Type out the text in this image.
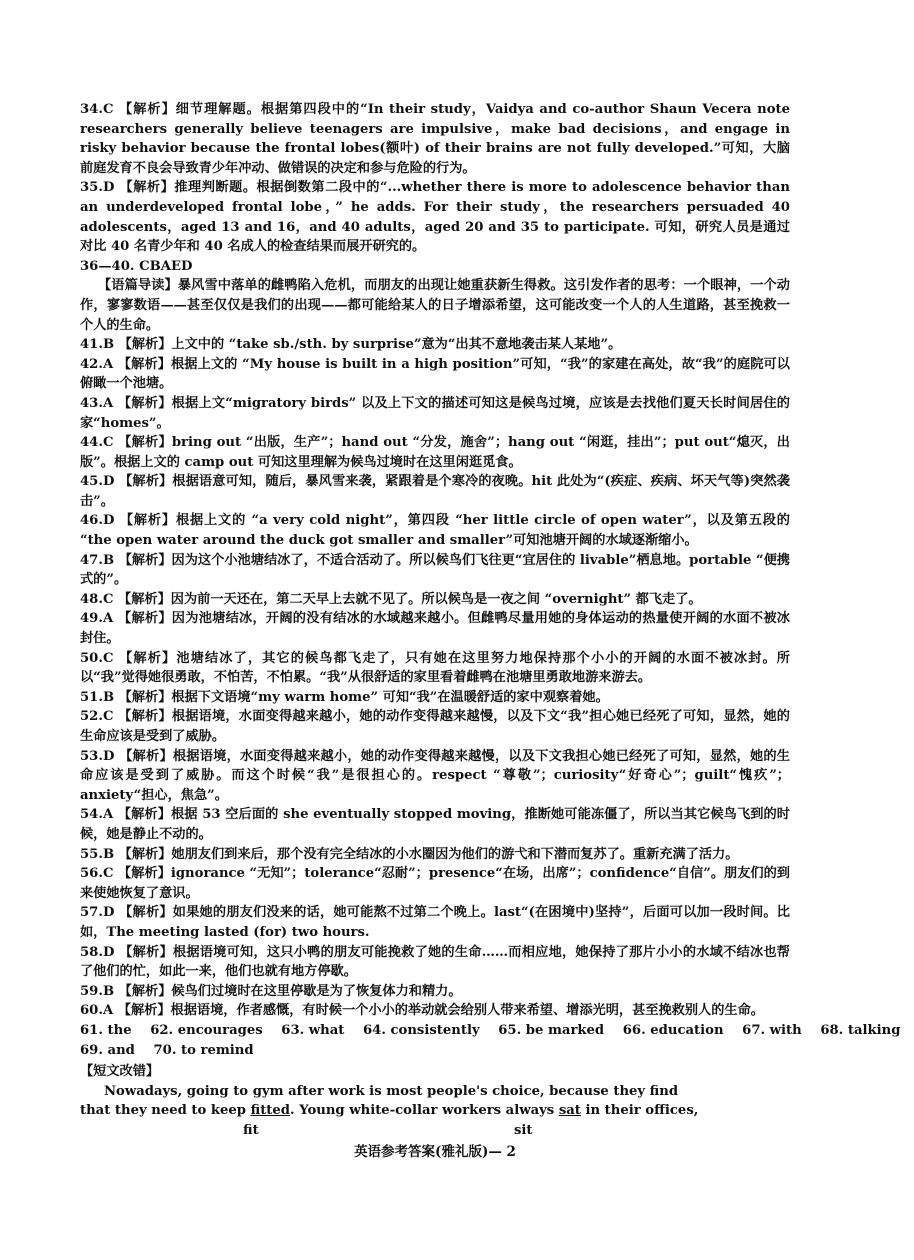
34.C 【解析】细节理解题。根据第四段中的“In their study，Vaidya and co-author Shaun Vecera note researchers generally believe teenagers are impulsive，make bad decisions，and engage in risky behavior because the frontal lobes(额叶) of their brains are not fully developed.”可知，大脑前庭发育不良会导致青少年冲动、做错误的决定和参与危险的行为。

35.D 【解析】推理判断题。根据倒数第二段中的“...whether there is more to adolescence behavior than an underdeveloped frontal lobe，” he adds. For their study，the researchers persuaded 40 adolescents，aged 13 and 16，and 40 adults，aged 20 and 35 to participate. 可知，研究人员是通过对比 40 名青少年和 40 名成人的检查结果而展开研究的。

36—40. CBAED

【语篇导读】暴风雪中落单的雌鸭陷入危机，而朋友的出现让她重获新生得救。这引发作者的思考：一个眼神，一个动作，寥寥数语——甚至仅仅是我们的出现——都可能给某人的日子增添希望，这可能改变一个人的人生道路，甚至挽救一个人的生命。

41.B 【解析】上文中的 “take sb./sth. by surprise”意为“出其不意地袭击某人某地”。

42.A 【解析】根据上文的 “My house is built in a high position”可知，“我”的家建在高处，故“我”的庭院可以俯瞰一个池塘。

43.A 【解析】根据上文“migratory birds” 以及上下文的描述可知这是候鸟过境，应该是去找他们夏天长时间居住的家“homes”。

44.C 【解析】bring out “出版，生产”；hand out “分发，施舍”；hang out “闲逛，挂出”；put out“熄灭，出版”。根据上文的 camp out 可知这里理解为候鸟过境时在这里闲逛觅食。

45.D 【解析】根据语意可知，随后，暴风雪来袭，紧跟着是个寒冷的夜晚。hit 此处为“(疾症、疾病、坏天气等)突然袭击”。

46.D 【解析】根据上文的 “a very cold night”，第四段 “her little circle of open water”，以及第五段的 “the open water around the duck got smaller and smaller”可知池塘开阔的水域逐渐缩小。

47.B 【解析】因为这个小池塘结冰了，不适合活动了。所以候鸟们飞往更“宜居住的 livable”栖息地。portable “便携式的”。

48.C 【解析】因为前一天还在，第二天早上去就不见了。所以候鸟是一夜之间 “overnight” 都飞走了。

49.A 【解析】因为池塘结冰，开阔的没有结冰的水域越来越小。但雌鸭尽量用她的身体运动的热量使开阔的水面不被冰封住。

50.C 【解析】池塘结冰了，其它的候鸟都飞走了，只有她在这里努力地保持那个小小的开阔的水面不被冰封。所以“我”觉得她很勇敢，不怕苦，不怕累。“我”从很舒适的家里看着雌鸭在池塘里勇敢地游来游去。

51.B 【解析】根据下文语境“my warm home” 可知“我”在温暖舒适的家中观察着她。

52.C 【解析】根据语境，水面变得越来越小，她的动作变得越来越慢，以及下文“我”担心她已经死了可知，显然，她的生命应该是受到了威胁。

53.D 【解析】根据语境，水面变得越来越小，她的动作变得越来越慢，以及下文我担心她已经死了可知，显然，她的生命应该是受到了威胁。而这个时候“我”是很担心的。respect “尊敬”；curiosity“好奇心”；guilt“愧疚”；anxiety“担心，焦急”。

54.A 【解析】根据 53 空后面的 she eventually stopped moving，推断她可能冻僵了，所以当其它候鸟飞到的时候，她是静止不动的。

55.B 【解析】她朋友们到来后，那个没有完全结冰的小水圈因为他们的游弋和下潜而复苏了。重新充满了活力。

56.C 【解析】ignorance “无知”；tolerance“忍耐”；presence“在场，出席”；confidence“自信”。朋友们的到来使她恢复了意识。

57.D 【解析】如果她的朋友们没来的话，她可能熬不过第二个晚上。last“(在困境中)坚持”，后面可以加一段时间。比如，The meeting lasted (for) two hours.

58.D 【解析】根据语境可知，这只小鸭的朋友可能挽救了她的生命……而相应地，她保持了那片小小的水域不结冰也帮了他们的忙，如此一来，他们也就有地方停歇。

59.B 【解析】候鸟们过境时在这里停歇是为了恢复体力和精力。

60.A 【解析】根据语境，作者感慨，有时候一个小小的举动就会给别人带来希望、增添光明，甚至挽救别人的生命。

61. the 62. encourages 63. what 64. consistently 65. be marked 66. education 67. with 68. talking

69. and 70. to remind

【短文改错】

Nowadays, going to gym after work is most people's choice, because they find

that they need to keep fitted. Young white-collar workers always sat in their offices,

fit	sit
英语参考答案(雅礼版)— 2
